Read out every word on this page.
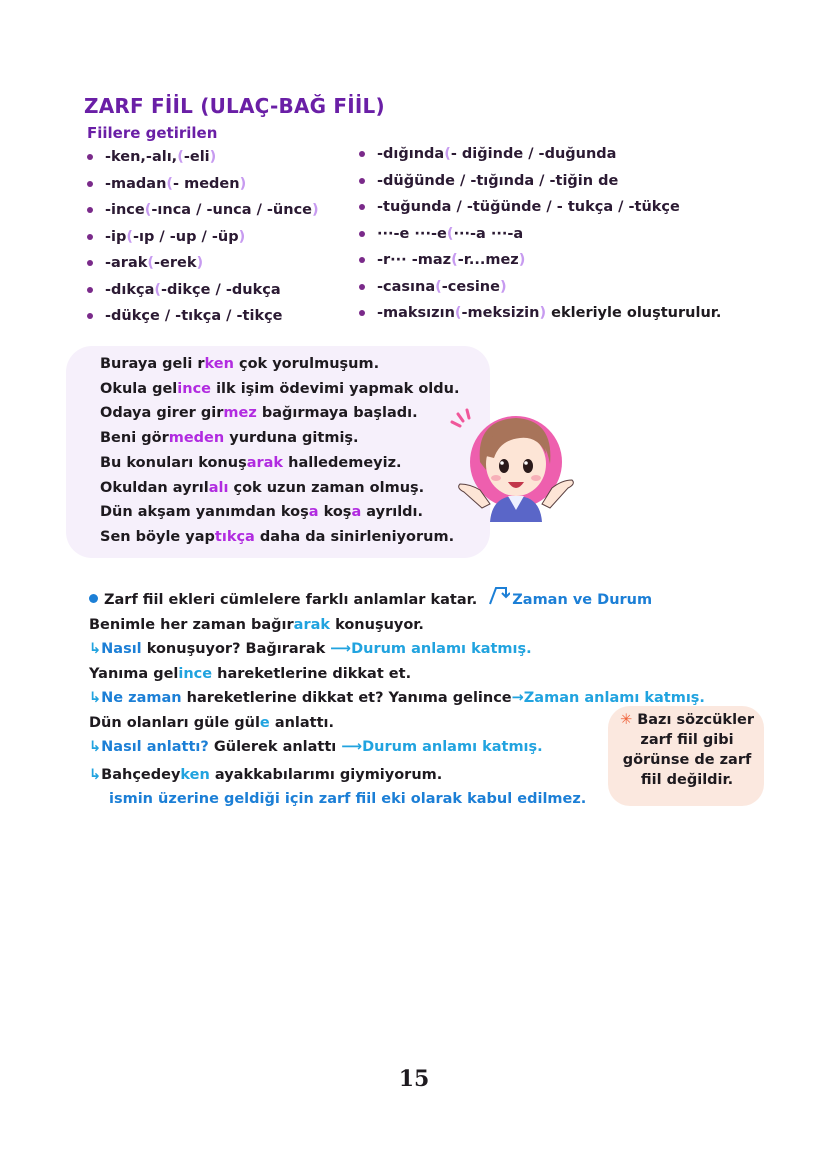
ZARF FİİL (ULAÇ-BAĞ FİİL)
Fiilere getirilen
-ken,-alı,(-eli)
-madan(- meden)
-ince(-ınca / -unca / -ünce)
-ip(-ıp / -up / -üp)
-arak(-erek)
-dıkça(-dikçe / -dukça
-dükçe / -tıkça / -tikçe
-dığında(- diğinde / -duğunda
-düğünde / -tığında / -tiğin de
-tuğunda / -tüğünde / - tukça / -tükçe
···-e ···-e(···-a ···-a
-r··· -maz(-r...mez)
-casına(-cesine)
-maksızın(-meksizin) ekleriyle oluşturulur.
Buraya geli rken çok yorulmuşum.
Okula gelince ilk işim ödevimi yapmak oldu.
Odaya girer girmez bağırmaya başladı.
Beni görmeden yurduna gitmiş.
Bu konuları konuşarak halledemeyiz.
Okuldan ayrılalı çok uzun zaman olmuş.
Dün akşam yanımdan koşa koşa ayrıldı.
Sen böyle yaptıkça daha da sinirleniyorum.
Zarf fiil ekleri cümlelere farklı anlamlar katar. Zaman ve Durum
Benimle her zaman bağırarak konuşuyor.
↳Nasıl konuşuyor? Bağırarak ⟶Durum anlamı katmış.
Yanıma gelince hareketlerine dikkat et.
↳Ne zaman hareketlerine dikkat et? Yanıma gelince→Zaman anlamı katmış.
Dün olanları güle güle anlattı.
↳Nasıl anlattı? Gülerek anlattı ⟶Durum anlamı katmış.
↳Bahçedeyken ayakkabılarımı giymiyorum.
ismin üzerine geldiği için zarf fiil eki olarak kabul edilmez.
✳ Bazı sözcükler zarf fiil gibi görünse de zarf fiil değildir.
15
